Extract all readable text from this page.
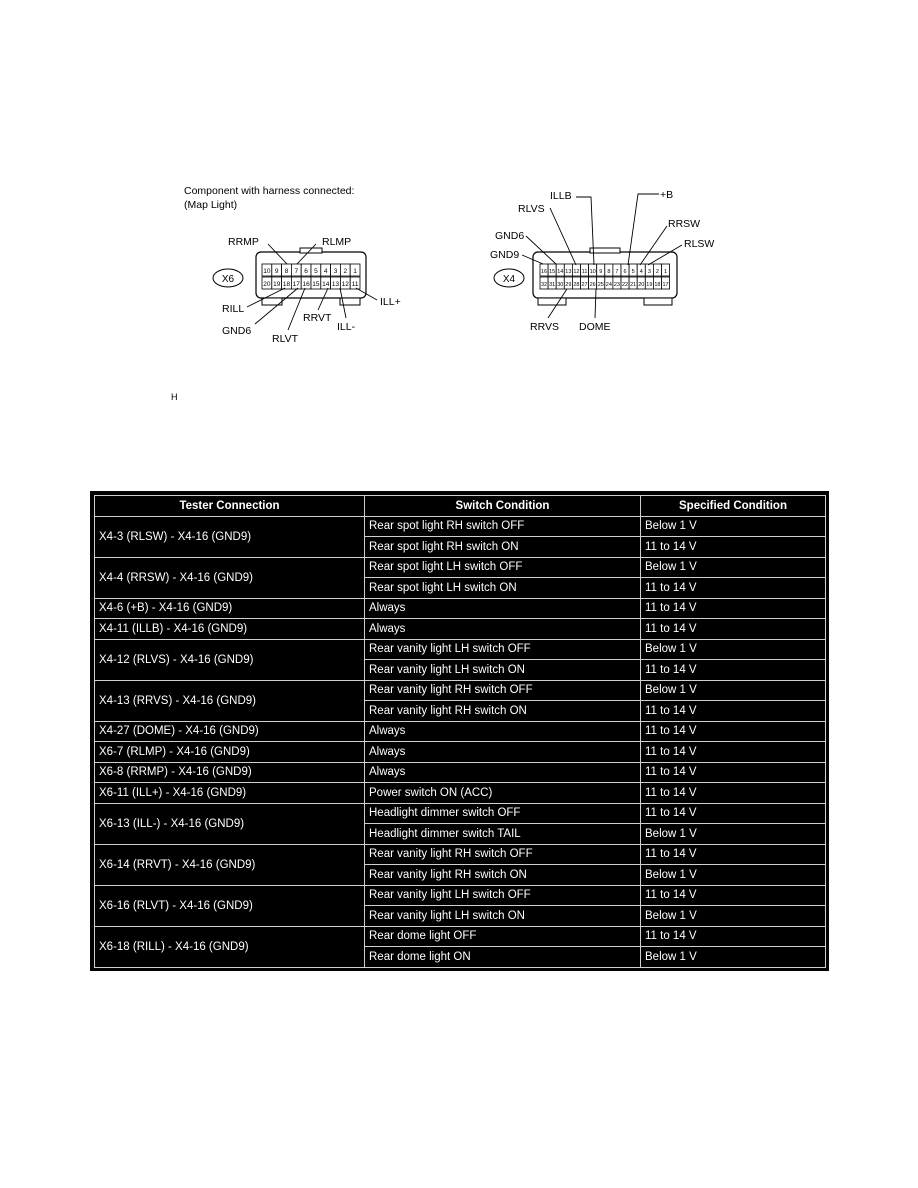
Component with harness connected:
(Map Light)
X6
10 9 8 7 6 5 4 3 2 1
20 19 18 17 16 15 14 13 12 11
RRMP	RLMP
RILL
ILL+
GND6
RRVT
ILL-
RLVT
X4
16 15 14 13 12 11 10 9 8 7 6 5 4 3 2 1
32 31 30 29 28 27 26 25 24 23 22 21 20 19 18 17
ILLB	+B
RLVS
RRSW
GND6
RLSW
GND9
RRVS DOME
H
Tester Connection	Switch Condition	Specified Condition
X4-3 (RLSW) - X4-16 (GND9)	Rear spot light RH switch OFF	Below 1 V
	Rear spot light RH switch ON	11 to 14 V
X4-4 (RRSW) - X4-16 (GND9)	Rear spot light LH switch OFF	Below 1 V
	Rear spot light LH switch ON	11 to 14 V
X4-6 (+B) - X4-16 (GND9)	Always	11 to 14 V
X4-11 (ILLB) - X4-16 (GND9)	Always	11 to 14 V
X4-12 (RLVS) - X4-16 (GND9)	Rear vanity light LH switch OFF	Below 1 V
	Rear vanity light LH switch ON	11 to 14 V
X4-13 (RRVS) - X4-16 (GND9)	Rear vanity light RH switch OFF	Below 1 V
	Rear vanity light RH switch ON	11 to 14 V
X4-27 (DOME) - X4-16 (GND9)	Always	11 to 14 V
X6-7 (RLMP) - X4-16 (GND9)	Always	11 to 14 V
X6-8 (RRMP) - X4-16 (GND9)	Always	11 to 14 V
X6-11 (ILL+) - X4-16 (GND9)	Power switch ON (ACC)	11 to 14 V
X6-13 (ILL-) - X4-16 (GND9)	Headlight dimmer switch OFF	11 to 14 V
	Headlight dimmer switch TAIL	Below 1 V
X6-14 (RRVT) - X4-16 (GND9)	Rear vanity light RH switch OFF	11 to 14 V
	Rear vanity light RH switch ON	Below 1 V
X6-16 (RLVT) - X4-16 (GND9)	Rear vanity light LH switch OFF	11 to 14 V
	Rear vanity light LH switch ON	Below 1 V
X6-18 (RILL) - X4-16 (GND9)	Rear dome light OFF	11 to 14 V
	Rear dome light ON	Below 1 V
